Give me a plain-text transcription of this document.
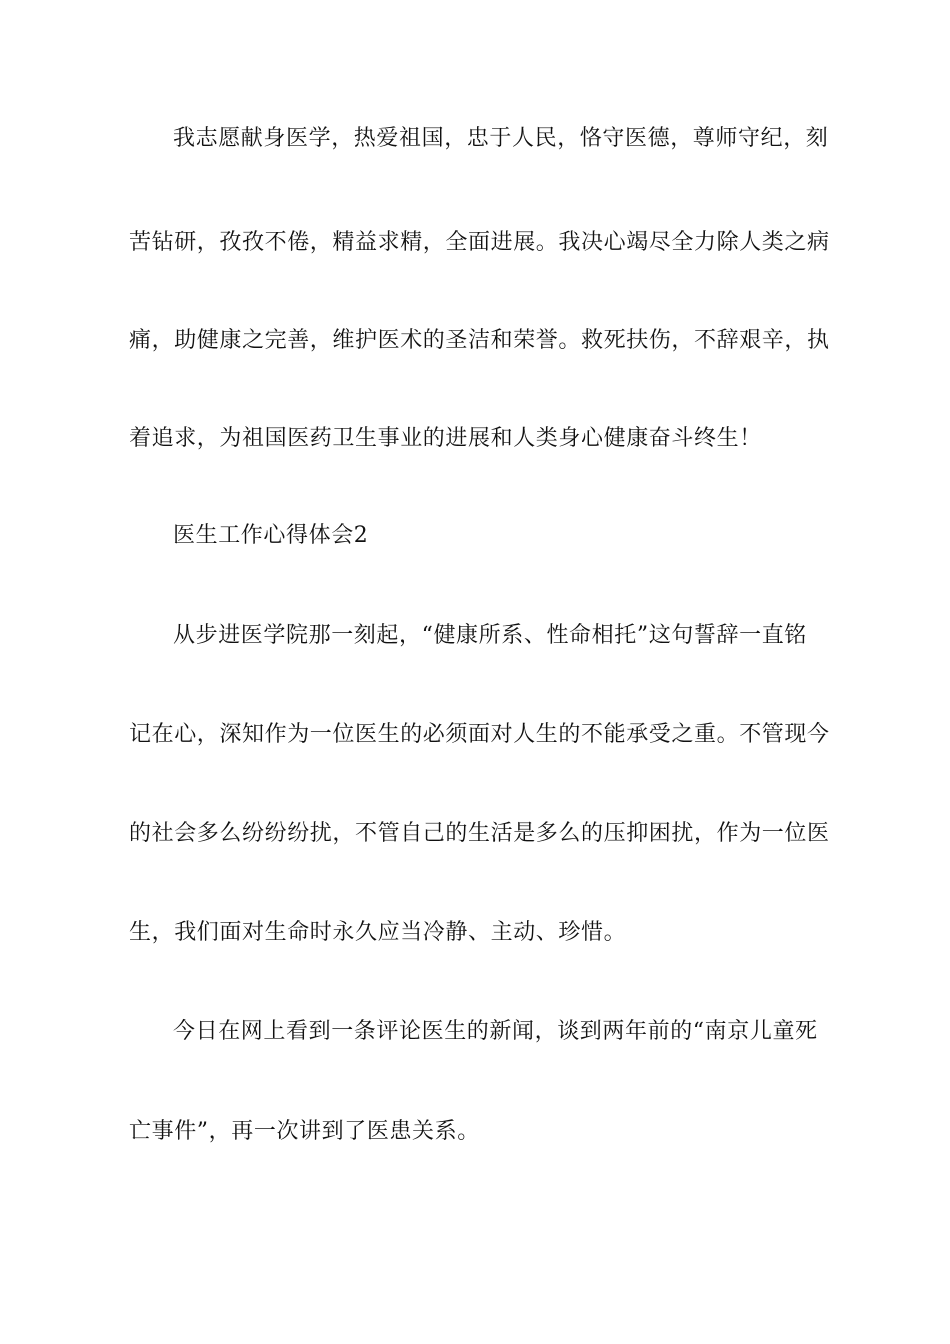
我志愿献身医学，热爱祖国，忠于人民，恪守医德，尊师守纪，刻
苦钻研，孜孜不倦，精益求精，全面进展。我决心竭尽全力除人类之病
痛，助健康之完善，维护医术的圣洁和荣誉。救死扶伤，不辞艰辛，执
着追求，为祖国医药卫生事业的进展和人类身心健康奋斗终生！
医生工作心得体会2
从步进医学院那一刻起，“健康所系、性命相托”这句誓辞一直铭
记在心，深知作为一位医生的必须面对人生的不能承受之重。不管现今
的社会多么纷纷纷扰，不管自己的生活是多么的压抑困扰，作为一位医
生，我们面对生命时永久应当冷静、主动、珍惜。
今日在网上看到一条评论医生的新闻，谈到两年前的“南京儿童死
亡事件”，再一次讲到了医患关系。
